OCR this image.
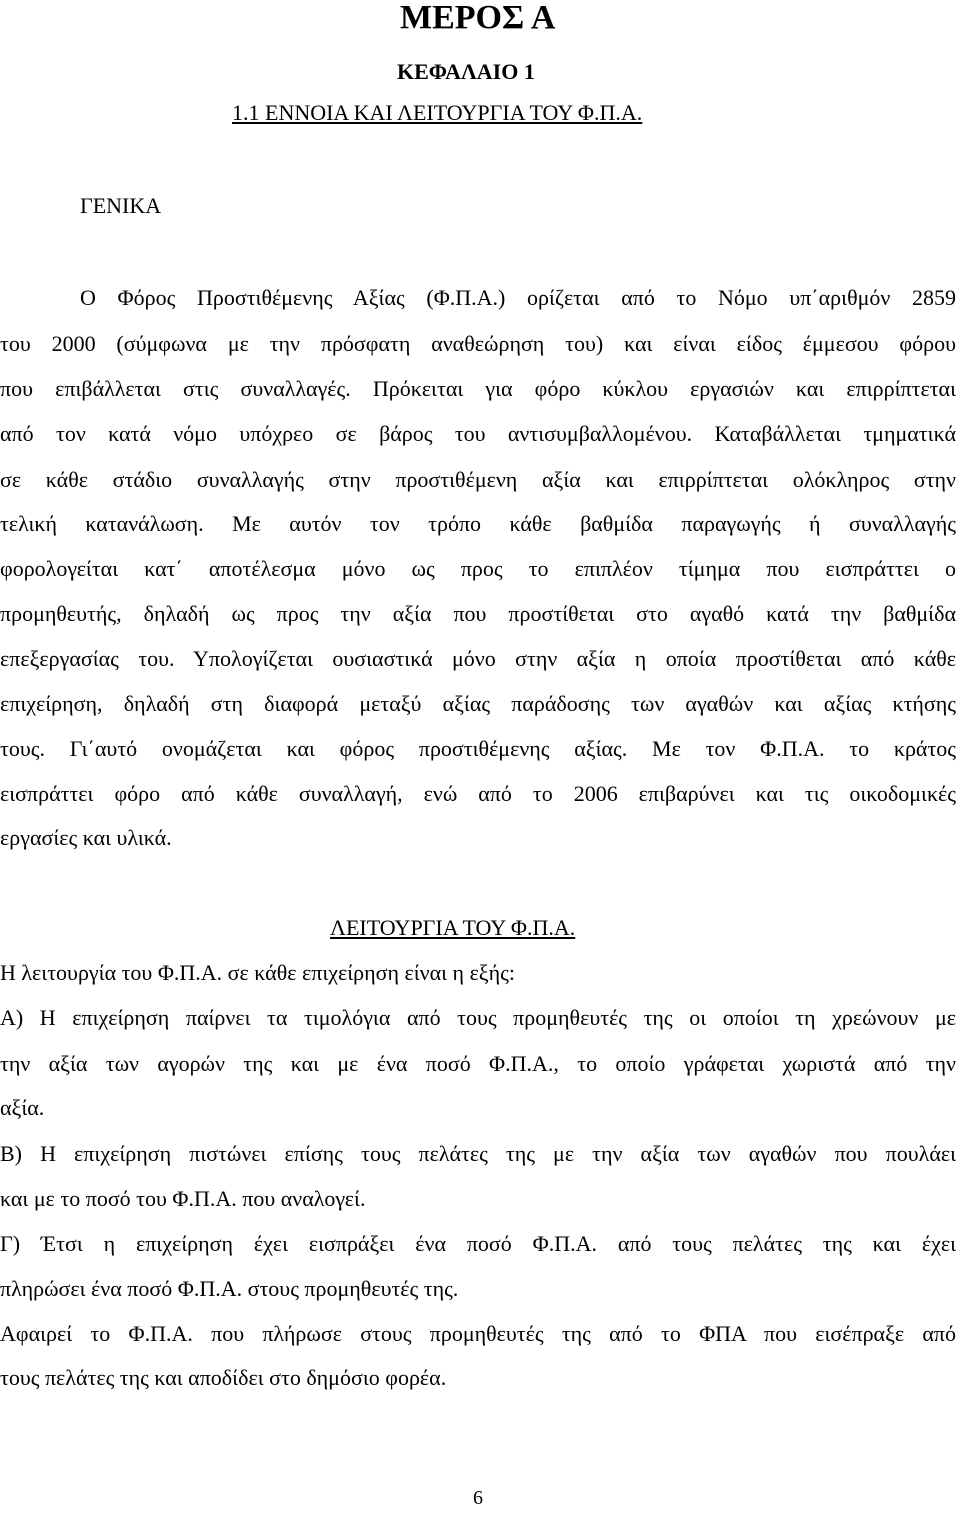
ΜΕΡΟΣ Α
ΚΕΦΑΛΑΙΟ 1
1.1 ΕΝΝΟΙΑ ΚΑΙ ΛΕΙΤΟΥΡΓΙΑ ΤΟΥ Φ.Π.Α.
ΓΕΝΙΚΑ
Ο Φόρος Προστιθέμενης Αξίας (Φ.Π.Α.) ορίζεται από το Νόμο υπ΄αριθμόν 2859
του 2000 (σύμφωνα με την πρόσφατη αναθεώρηση του) και είναι είδος έμμεσου φόρου
που επιβάλλεται στις συναλλαγές. Πρόκειται για φόρο κύκλου εργασιών και επιρρίπτεται
από τον κατά νόμο υπόχρεο σε βάρος του αντισυμβαλλομένου. Καταβάλλεται τμηματικά
σε κάθε στάδιο συναλλαγής στην προστιθέμενη αξία και επιρρίπτεται ολόκληρος στην
τελική κατανάλωση. Με αυτόν τον τρόπο κάθε βαθμίδα παραγωγής ή συναλλαγής
φορολογείται κατ΄ αποτέλεσμα μόνο ως προς το επιπλέον τίμημα που εισπράττει ο
προμηθευτής, δηλαδή ως προς την αξία που προστίθεται στο αγαθό κατά την βαθμίδα
επεξεργασίας του. Υπολογίζεται ουσιαστικά μόνο στην αξία η οποία προστίθεται από κάθε
επιχείρηση, δηλαδή στη διαφορά μεταξύ αξίας παράδοσης των αγαθών και αξίας κτήσης
τους. Γι΄αυτό ονομάζεται και φόρος προστιθέμενης αξίας. Με τον Φ.Π.Α. το κράτος
εισπράττει φόρο από κάθε συναλλαγή, ενώ από το 2006 επιβαρύνει και τις οικοδομικές
εργασίες και υλικά.
ΛΕΙΤΟΥΡΓΙΑ ΤΟΥ Φ.Π.Α.
Η λειτουργία του Φ.Π.Α. σε κάθε επιχείρηση είναι η εξής:
Α) Η επιχείρηση παίρνει τα τιμολόγια από τους προμηθευτές της οι οποίοι τη χρεώνουν με
την αξία των αγορών της και με ένα ποσό Φ.Π.Α., το οποίο γράφεται χωριστά από την
αξία.
Β) Η επιχείρηση πιστώνει επίσης τους πελάτες της με την αξία των αγαθών που πουλάει
και με το ποσό του Φ.Π.Α. που αναλογεί.
Γ) Έτσι η επιχείρηση έχει εισπράξει ένα ποσό Φ.Π.Α. από τους πελάτες της και έχει
πληρώσει ένα ποσό Φ.Π.Α. στους προμηθευτές της.
Αφαιρεί το Φ.Π.Α. που πλήρωσε στους προμηθευτές της από το ΦΠΑ που εισέπραξε από
τους πελάτες της και αποδίδει στο δημόσιο φορέα.
6
